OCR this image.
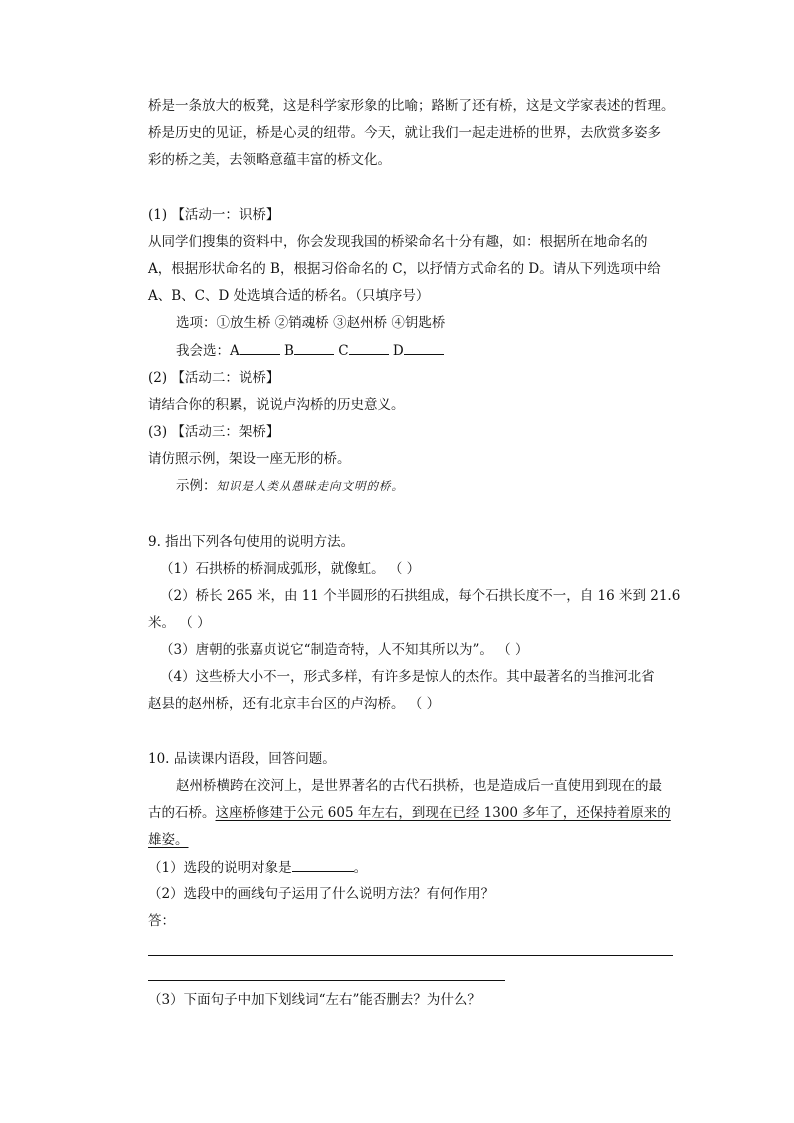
桥是一条放大的板凳，这是科学家形象的比喻；路断了还有桥，这是文学家表述的哲理。
桥是历史的见证，桥是心灵的纽带。今天，就让我们一起走进桥的世界，去欣赏多姿多
彩的桥之美，去领略意蕴丰富的桥文化。
(1) 【活动一：识桥】
从同学们搜集的资料中，你会发现我国的桥梁命名十分有趣，如：根据所在地命名的
A，根据形状命名的 B，根据习俗命名的 C，以抒情方式命名的 D。请从下列选项中给
A、B、C、D 处选填合适的桥名。（只填序号）
选项：①放生桥 ②销魂桥 ③赵州桥 ④钥匙桥
我会选：A	B	C	D
(2) 【活动二：说桥】
请结合你的积累，说说卢沟桥的历史意义。
(3) 【活动三：架桥】
请仿照示例，架设一座无形的桥。
示例：知识是人类从愚昧走向文明的桥。
9. 指出下列各句使用的说明方法。
（1）石拱桥的桥洞成弧形，就像虹。 （ ）
（2）桥长 265 米，由 11 个半圆形的石拱组成，每个石拱长度不一，自 16 米到 21.6
米。 （ ）
（3）唐朝的张嘉贞说它“制造奇特，人不知其所以为”。 （ ）
（4）这些桥大小不一，形式多样，有许多是惊人的杰作。其中最著名的当推河北省
赵县的赵州桥，还有北京丰台区的卢沟桥。 （ ）
10. 品读课内语段，回答问题。
赵州桥横跨在洨河上，是世界著名的古代石拱桥，也是造成后一直使用到现在的最
古的石桥。这座桥修建于公元 605 年左右，到现在已经 1300 多年了，还保持着原来的
雄姿。
（1）选段的说明对象是	。
（2）选段中的画线句子运用了什么说明方法？有何作用？
答：
（3）下面句子中加下划线词“左右”能否删去？为什么？
